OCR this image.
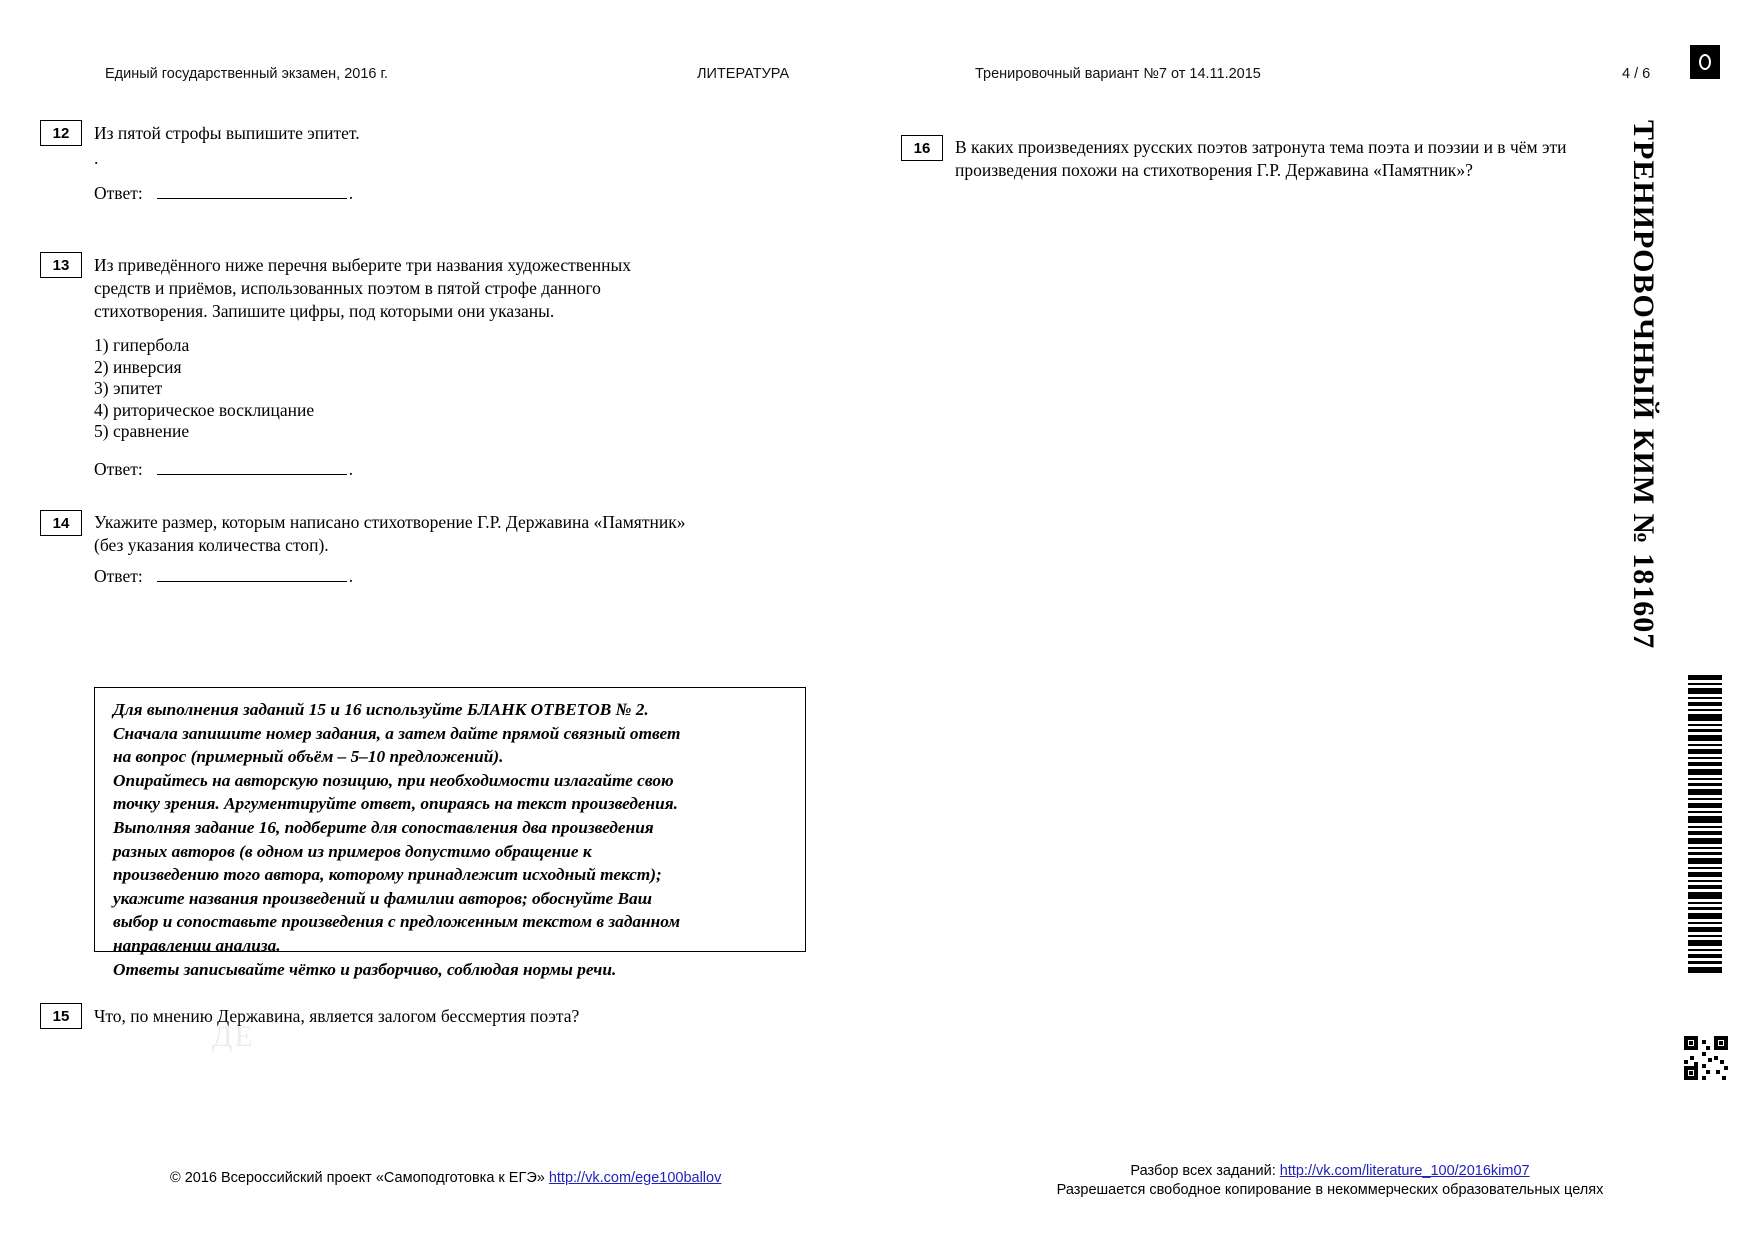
Единый государственный экзамен, 2016 г.	ЛИТЕРАТУРА	Тренировочный вариант №7 от 14.11.2015	4 / 6
ТРЕНИРОВОЧНЫЙ КИМ № 181607
12	Из пятой строфы выпишите эпитет.
.
Ответ:	.
13	Из приведённого ниже перечня выберите три названия художественных средств и приёмов, использованных поэтом в пятой строфе данного стихотворения. Запишите цифры, под которыми они указаны.
1) гипербола
2) инверсия
3) эпитет
4) риторическое восклицание
5) сравнение
Ответ:	.
14	Укажите размер, которым написано стихотворение Г.Р. Державина «Памятник» (без указания количества стоп).
Ответ:	.

Для выполнения заданий 15 и 16 используйте БЛАНК ОТВЕТОВ № 2.

Сначала запишите номер задания, а затем дайте прямой связный ответ

на вопрос (примерный объём – 5–10 предложений).

Опирайтесь на авторскую позицию, при необходимости излагайте свою

точку зрения. Аргументируйте ответ, опираясь на текст произведения.

Выполняя задание 16, подберите для сопоставления два произведения

разных авторов (в одном из примеров допустимо обращение к

произведению того автора, которому принадлежит исходный текст);

укажите названия произведений и фамилии авторов; обоснуйте Ваш

выбор и сопоставьте произведения с предложенным текстом в заданном

направлении анализа.

Ответы записывайте чётко и разборчиво, соблюдая нормы речи.

ДЕ
15	Что, по мнению Державина, является залогом бессмертия поэта?
16	В каких произведениях русских поэтов затронута тема поэта и поэзии и в чём эти произведения похожи на стихотворения Г.Р. Державина «Памятник»?
© 2016 Всероссийский проект «Самоподготовка к ЕГЭ» http://vk.com/ege100ballov	Разбор всех заданий: http://vk.com/literature_100/2016kim07
Разрешается свободное копирование в некоммерческих образовательных целях
